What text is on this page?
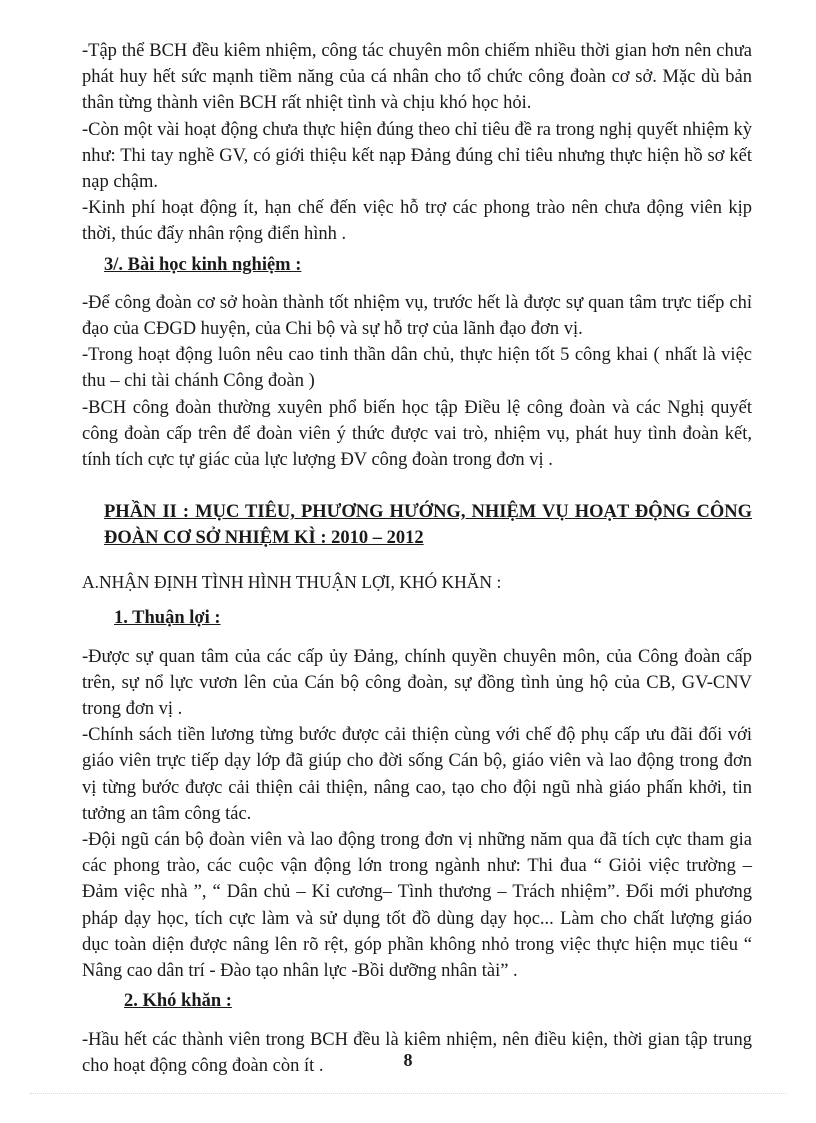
-Tập thể BCH đều kiêm nhiệm, công tác chuyên môn chiếm nhiều thời gian hơn nên chưa phát huy hết sức mạnh tiềm năng của cá nhân cho tổ chức công đoàn cơ sở. Mặc dù bản thân từng thành viên BCH rất nhiệt tình và chịu khó học hỏi.

-Còn một vài hoạt động chưa thực hiện đúng theo chỉ tiêu đề ra trong nghị quyết nhiệm kỳ như: Thi tay nghề GV, có giới thiệu kết nạp Đảng đúng chỉ tiêu nhưng thực hiện hồ sơ kết nạp chậm.

-Kinh phí hoạt động ít, hạn chế đến việc hỗ trợ các phong trào nên chưa động viên kịp thời, thúc đẩy nhân rộng điển hình .

3/. Bài học kinh nghiệm :

-Để công đoàn cơ sở hoàn thành tốt nhiệm vụ, trước hết là được sự quan tâm trực tiếp chỉ đạo của CĐGD huyện, của Chi bộ và sự hỗ trợ của lãnh đạo đơn vị.

-Trong hoạt động luôn nêu cao tinh thần dân chủ, thực hiện tốt 5 công khai ( nhất là việc thu – chi tài chánh Công đoàn )

-BCH công đoàn thường xuyên phổ biến học tập Điều lệ công đoàn và các Nghị quyết công đoàn cấp trên để đoàn viên ý thức được vai trò, nhiệm vụ, phát huy tình đoàn kết, tính tích cực tự giác của lực lượng ĐV công đoàn trong đơn vị .

PHẦN II : MỤC TIÊU, PHƯƠNG HƯỚNG, NHIỆM VỤ HOẠT ĐỘNG CÔNG ĐOÀN CƠ SỞ NHIỆM KÌ : 2010 – 2012
A.NHẬN ĐỊNH TÌNH HÌNH THUẬN LỢI, KHÓ KHĂN :
1. Thuận lợi :

-Được sự quan tâm của các cấp ủy Đảng, chính quyền chuyên môn, của Công đoàn cấp trên, sự nổ lực vươn lên của Cán bộ công đoàn, sự đồng tình ủng hộ của CB, GV-CNV trong đơn vị .

-Chính sách tiền lương từng bước được cải thiện cùng với chế độ phụ cấp ưu đãi đối với giáo viên trực tiếp dạy lớp đã giúp cho đời sống Cán bộ, giáo viên và lao động trong đơn vị từng bước được cải thiện cải thiện, nâng cao, tạo cho đội ngũ nhà giáo phấn khởi, tin tưởng an tâm công tác.

-Đội ngũ cán bộ đoàn viên và lao động trong đơn vị những năm qua đã tích cực tham gia các phong trào, các cuộc vận động lớn trong ngành như: Thi đua “ Giỏi việc trường – Đảm việc nhà ”, “ Dân chủ – Kỉ cương– Tình thương – Trách nhiệm”. Đổi mới phương pháp dạy học, tích cực làm và sử dụng tốt đồ dùng dạy học... Làm cho chất lượng giáo dục toàn diện được nâng lên rõ rệt, góp phần không nhỏ trong việc thực hiện mục tiêu “ Nâng cao dân trí - Đào tạo nhân lực -Bồi dưỡng nhân tài” .

2. Khó khăn :

-Hầu hết các thành viên trong BCH đều là kiêm nhiệm, nên điều kiện, thời gian tập trung cho hoạt động công đoàn còn ít .	8
